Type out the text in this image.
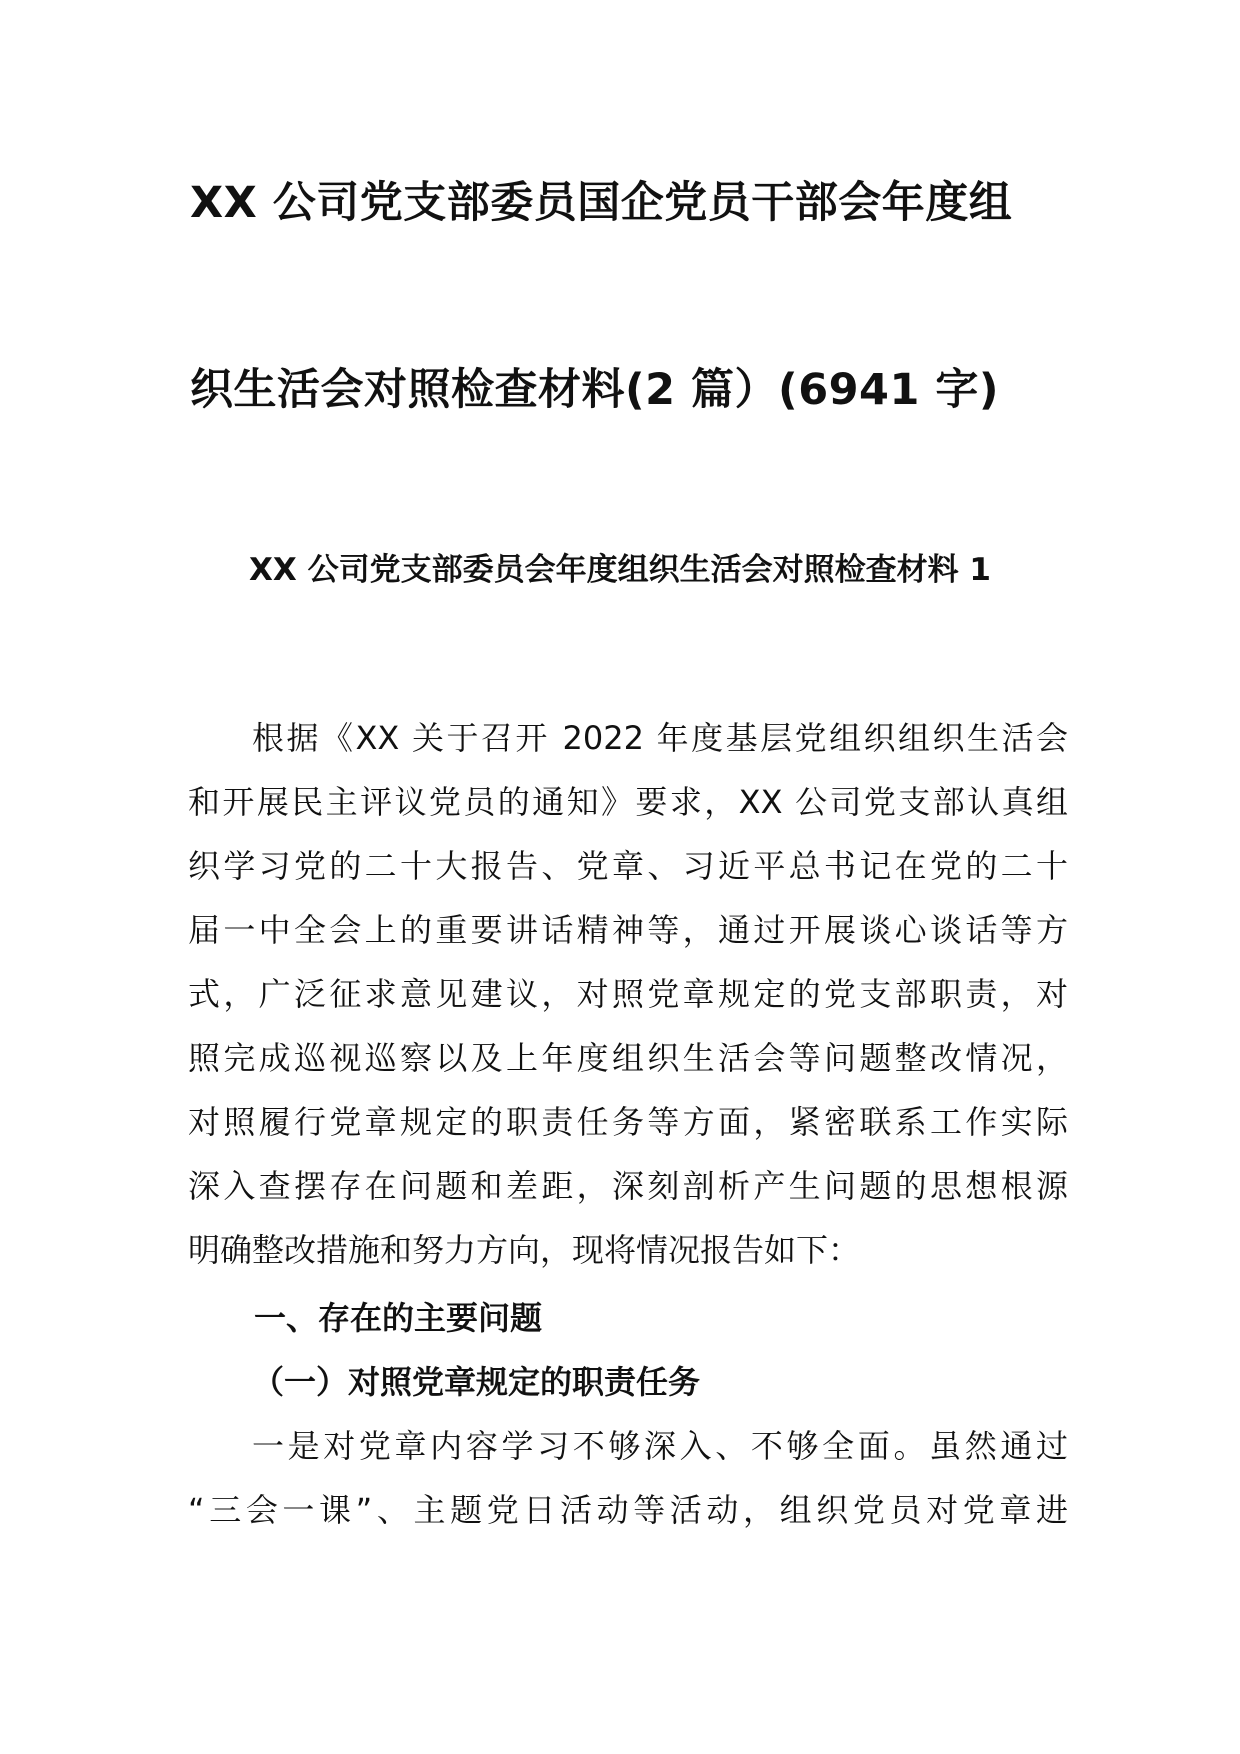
XX 公司党支部委员国企党员干部会年度组
织生活会对照检查材料(2 篇）(6941 字)
XX 公司党支部委员会年度组织生活会对照检查材料 1
根据《XX 关于召开 2022 年度基层党组织组织生活会
和开展民主评议党员的通知》要求，XX 公司党支部认真组
织学习党的二十大报告、党章、习近平总书记在党的二十
届一中全会上的重要讲话精神等，通过开展谈心谈话等方
式，广泛征求意见建议，对照党章规定的党支部职责，对
照完成巡视巡察以及上年度组织生活会等问题整改情况，
对照履行党章规定的职责任务等方面，紧密联系工作实际
深入查摆存在问题和差距，深刻剖析产生问题的思想根源
明确整改措施和努力方向，现将情况报告如下：
一、存在的主要问题
（一）对照党章规定的职责任务
一是对党章内容学习不够深入、不够全面。虽然通过
“三会一课”、主题党日活动等活动，组织党员对党章进
